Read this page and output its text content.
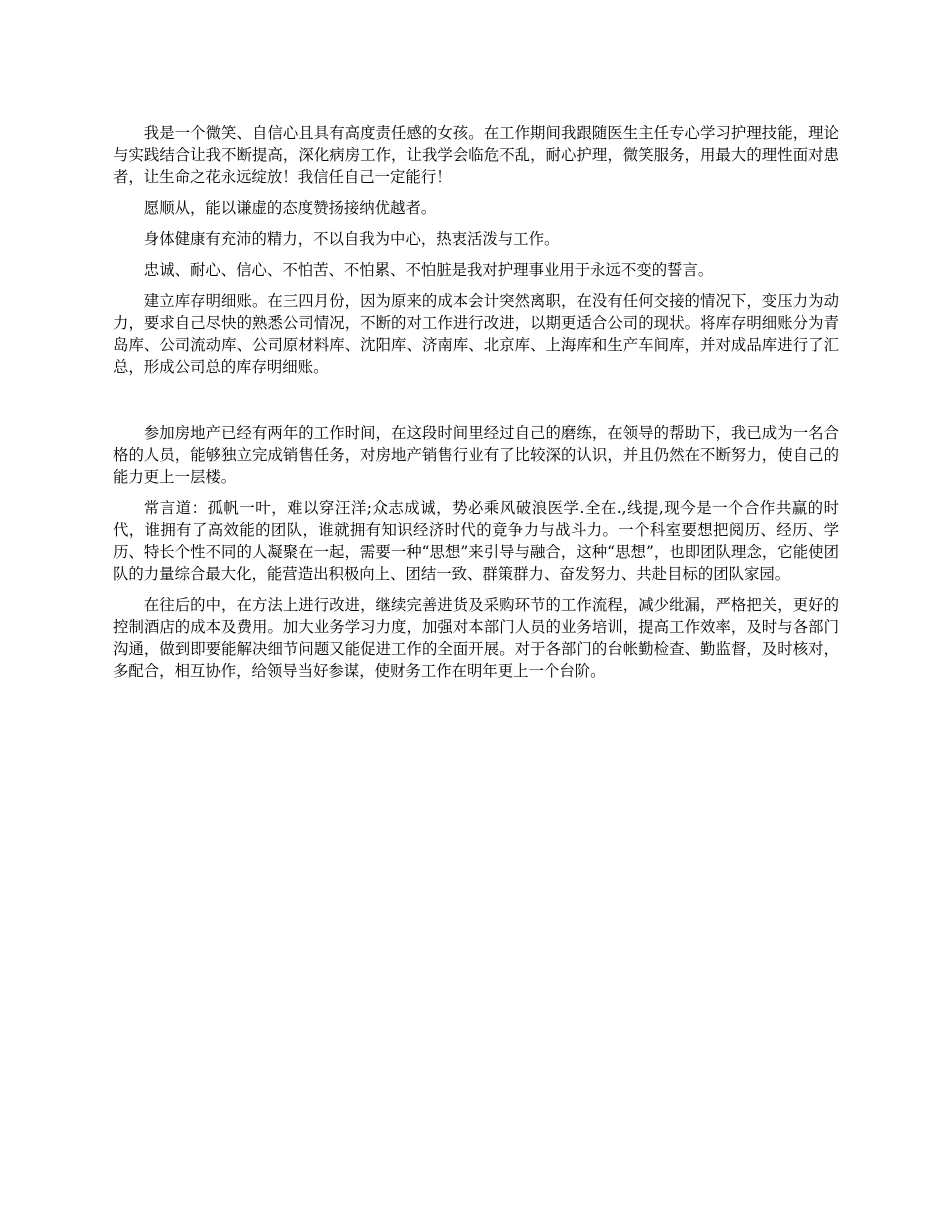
我是一个微笑、自信心且具有高度责任感的女孩。在工作期间我跟随医生主任专心学习护理技能，理论与实践结合让我不断提高，深化病房工作，让我学会临危不乱，耐心护理，微笑服务，用最大的理性面对患者，让生命之花永远绽放！我信任自己一定能行！

愿顺从，能以谦虚的态度赞扬接纳优越者。

身体健康有充沛的精力，不以自我为中心，热衷活泼与工作。

忠诚、耐心、信心、不怕苦、不怕累、不怕脏是我对护理事业用于永远不变的誓言。

建立库存明细账。在三四月份，因为原来的成本会计突然离职，在没有任何交接的情况下，变压力为动力，要求自己尽快的熟悉公司情况，不断的对工作进行改进，以期更适合公司的现状。将库存明细账分为青岛库、公司流动库、公司原材料库、沈阳库、济南库、北京库、上海库和生产车间库，并对成品库进行了汇总，形成公司总的库存明细账。

参加房地产已经有两年的工作时间，在这段时间里经过自己的磨练，在领导的帮助下，我已成为一名合格的人员，能够独立完成销售任务，对房地产销售行业有了比较深的认识，并且仍然在不断努力，使自己的能力更上一层楼。

常言道：孤帆一叶，难以穿汪洋;众志成诚，势必乘风破浪医学.全在.,线提,现今是一个合作共赢的时代，谁拥有了高效能的团队，谁就拥有知识经济时代的竟争力与战斗力。一个科室要想把阅历、经历、学历、特长个性不同的人凝聚在一起，需要一种“思想”来引导与融合，这种“思想”，也即团队理念，它能使团队的力量综合最大化，能营造出积极向上、团结一致、群策群力、奋发努力、共赴目标的团队家园。

在往后的中，在方法上进行改进，继续完善进货及采购环节的工作流程，减少纰漏，严格把关，更好的控制酒店的成本及费用。加大业务学习力度，加强对本部门人员的业务培训，提高工作效率，及时与各部门沟通，做到即要能解决细节问题又能促进工作的全面开展。对于各部门的台帐勤检查、勤监督，及时核对，多配合，相互协作，给领导当好参谋，使财务工作在明年更上一个台阶。
